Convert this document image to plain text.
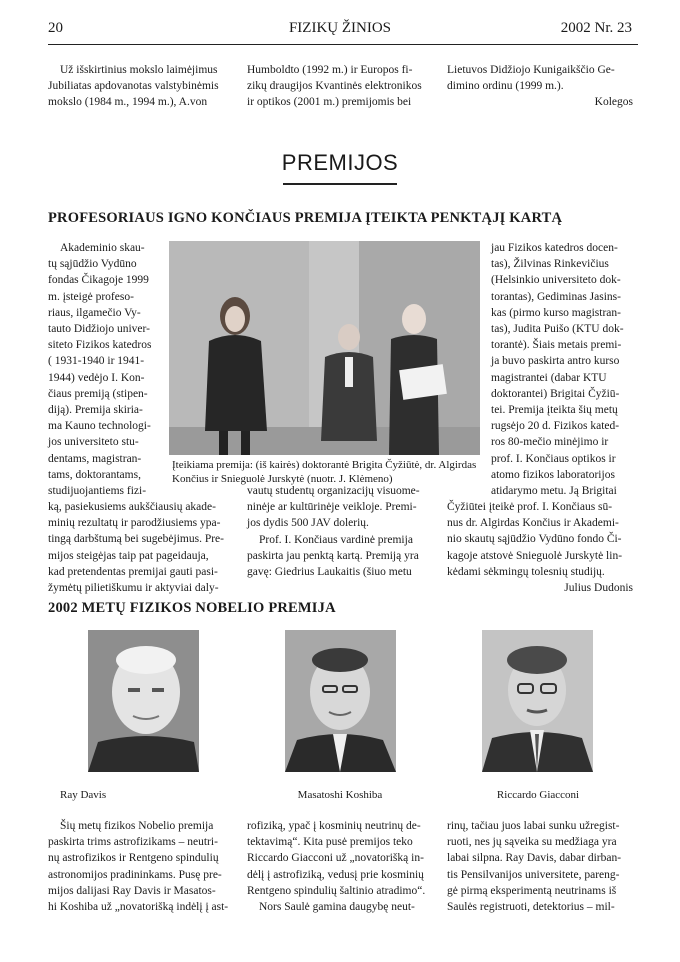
20	FIZIKŲ ŽINIOS	2002 Nr. 23

Už išskirtinius mokslo laimėjimus

Jubiliatas apdovanotas valstybinėmis

mokslo (1984 m., 1994 m.), A.von

Humboldto (1992 m.) ir Europos fi-

zikų draugijos Kvantinės elektronikos

ir optikos (2001 m.) premijomis bei

Lietuvos Didžiojo Kunigaikščio Ge-

dimino ordinu (1999 m.).

Kolegos

PREMIJOS
PROFESORIAUS IGNO KONČIAUS PREMIJA ĮTEIKTA PENKTĄJĮ KARTĄ

Akademinio skau-

tų sąjūdžio Vydūno

fondas Čikagoje 1999

m. įsteigė profeso-

riaus, ilgamečio Vy-

tauto Didžiojo univer-

siteto Fizikos katedros

( 1931-1940 ir 1941-

1944) vedėjo I. Kon-

čiaus premiją (stipen-

diją). Premija skiria-

ma Kauno technologi-

jos universiteto stu-

dentams, magistran-

tams, doktorantams,

studijuojantiems fizi-

ką, pasiekusiems aukščiausių akade-

minių rezultatų ir parodžiusiems ypa-

tingą darbštumą bei sugebėjimus. Pre-

mijos steigėjas taip pat pageidauja,

kad pretendentas premijai gauti pasi-

žymėtų pilietiškumu ir aktyviai daly-

Įteikiama premija: (iš kairės) doktorantė Brigita Čyžiūtė, dr. Algirdas
Končius ir Snieguolė Jurskytė (nuotr. J. Klėmeno)

vautų studentų organizacijų visuome-

ninėje ar kultūrinėje veikloje. Premi-

jos dydis 500 JAV dolerių.

Prof. I. Končiaus vardinė premija

paskirta jau penktą kartą. Premiją yra

gavę: Giedrius Laukaitis (šiuo metu

jau Fizikos katedros docen-

tas), Žilvinas Rinkevičius

(Helsinkio universiteto dok-

torantas), Gediminas Jasins-

kas (pirmo kurso magistran-

tas), Judita Puišo (KTU dok-

torantė). Šiais metais premi-

ja buvo paskirta antro kurso

magistrantei (dabar KTU

doktorantei) Brigitai Čyžiū-

tei. Premija įteikta šių metų

rugsėjo 20 d. Fizikos kated-

ros 80-mečio minėjimo ir

prof. I. Končiaus optikos ir

atomo fizikos laboratorijos

atidarymo metu. Ją Brigitai

Čyžiūtei įteikė prof. I. Končiaus sū-

nus dr. Algirdas Končius ir Akademi-

nio skautų sąjūdžio Vydūno fondo Či-

kagoje atstovė Snieguolė Jurskytė lin-

kėdami sėkmingų tolesnių studijų.

Julius Dudonis

2002 METŲ FIZIKOS NOBELIO PREMIJA
Ray Davis	Masatoshi Koshiba	Riccardo Giacconi

Šių metų fizikos Nobelio premija

paskirta trims astrofizikams – neutri-

nų astrofizikos ir Rentgeno spindulių

astronomijos pradininkams. Pusę pre-

mijos dalijasi Ray Davis ir Masatos-

hi Koshiba už „novatorišką indėlį į ast-

rofiziką, ypač į kosminių neutrinų de-

tektavimą“. Kita pusė premijos teko

Riccardo Giacconi už „novatorišką in-

dėlį į astrofiziką, vedusį prie kosminių

Rentgeno spindulių šaltinio atradimo“.

Nors Saulė gamina daugybę neut-

rinų, tačiau juos labai sunku užregist-

ruoti, nes jų sąveika su medžiaga yra

labai silpna. Ray Davis, dabar dirban-

tis Pensilvanijos universitete, pareng-

gė pirmą eksperimentą neutrinams iš

Saulės registruoti, detektorius – mil-
